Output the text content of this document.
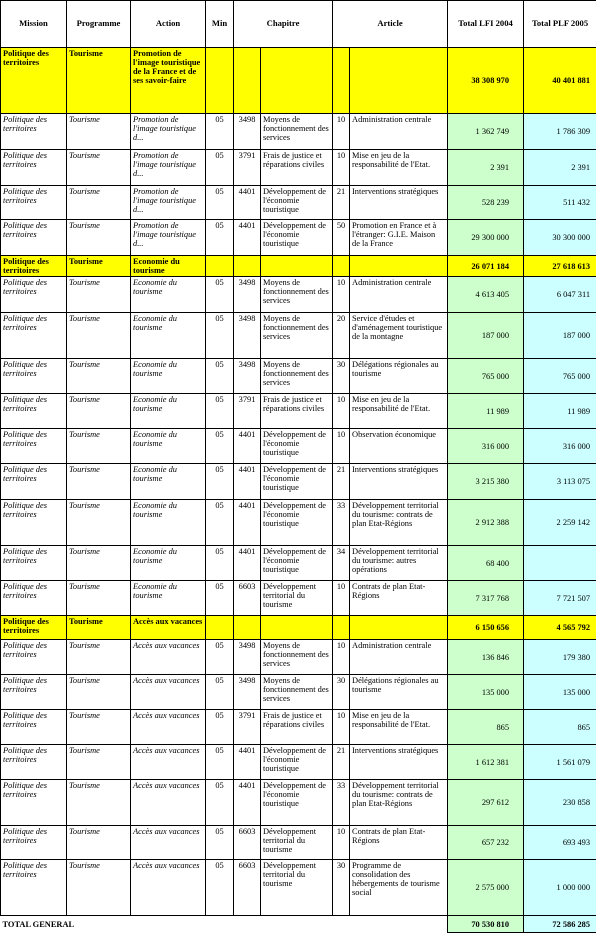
Mission	Programme	Action	Min	Chapitre		Article		Total LFI 2004	Total PLF 2005
Politique des territoires	Tourisme	Promotion de l'image touristique de la France et de ses savoir-faire						38 308 970	40 401 881
Politique des territoires	Tourisme	Promotion de l'image touristique d...	05	3498	Moyens de fonctionnement des services	10	Administration centrale	1 362 749	1 786 309
Politique des territoires	Tourisme	Promotion de l'image touristique d...	05	3791	Frais de justice et réparations civiles	10	Mise en jeu de la responsabilité de l'Etat.	2 391	2 391
Politique des territoires	Tourisme	Promotion de l'image touristique d...	05	4401	Développement de l'économie touristique	21	Interventions stratégiques	528 239	511 432
Politique des territoires	Tourisme	Promotion de l'image touristique d...	05	4401	Développement de l'économie touristique	50	Promotion en France et à l'étranger: G.I.E. Maison de la France	29 300 000	30 300 000
Politique des territoires	Tourisme	Economie du tourisme						26 071 184	27 618 613
Politique des territoires	Tourisme	Economie du tourisme	05	3498	Moyens de fonctionnement des services	10	Administration centrale	4 613 405	6 047 311
Politique des territoires	Tourisme	Economie du tourisme	05	3498	Moyens de fonctionnement des services	20	Service d'études et d'aménagement touristique de la montagne	187 000	187 000
Politique des territoires	Tourisme	Economie du tourisme	05	3498	Moyens de fonctionnement des services	30	Délégations régionales au tourisme	765 000	765 000
Politique des territoires	Tourisme	Economie du tourisme	05	3791	Frais de justice et réparations civiles	10	Mise en jeu de la responsabilité de l'Etat.	11 989	11 989
Politique des territoires	Tourisme	Economie du tourisme	05	4401	Développement de l'économie touristique	10	Observation économique	316 000	316 000
Politique des territoires	Tourisme	Economie du tourisme	05	4401	Développement de l'économie touristique	21	Interventions stratégiques	3 215 380	3 113 075
Politique des territoires	Tourisme	Economie du tourisme	05	4401	Développement de l'économie touristique	33	Développement territorial du tourisme: contrats de plan Etat-Régions	2 912 388	2 259 142
Politique des territoires	Tourisme	Economie du tourisme	05	4401	Développement de l'économie touristique	34	Développement territorial du tourisme: autres opérations	68 400	
Politique des territoires	Tourisme	Economie du tourisme	05	6603	Développement territorial du tourisme	10	Contrats de plan Etat-Régions	7 317 768	7 721 507
Politique des territoires	Tourisme	Accès aux vacances						6 150 656	4 565 792
Politique des territoires	Tourisme	Accès aux vacances	05	3498	Moyens de fonctionnement des services	10	Administration centrale	136 846	179 380
Politique des territoires	Tourisme	Accès aux vacances	05	3498	Moyens de fonctionnement des services	30	Délégations régionales au tourisme	135 000	135 000
Politique des territoires	Tourisme	Accès aux vacances	05	3791	Frais de justice et réparations civiles	10	Mise en jeu de la responsabilité de l'Etat.	865	865
Politique des territoires	Tourisme	Accès aux vacances	05	4401	Développement de l'économie touristique	21	Interventions stratégiques	1 612 381	1 561 079
Politique des territoires	Tourisme	Accès aux vacances	05	4401	Développement de l'économie touristique	33	Développement territorial du tourisme: contrats de plan Etat-Régions	297 612	230 858
Politique des territoires	Tourisme	Accès aux vacances	05	6603	Développement territorial du tourisme	10	Contrats de plan Etat-Régions	657 232	693 493
Politique des territoires	Tourisme	Accès aux vacances	05	6603	Développement territorial du tourisme	30	Programme de consolidation des hébergements de tourisme social	2 575 000	1 000 000
TOTAL GENERAL								70 530 810	72 586 285
